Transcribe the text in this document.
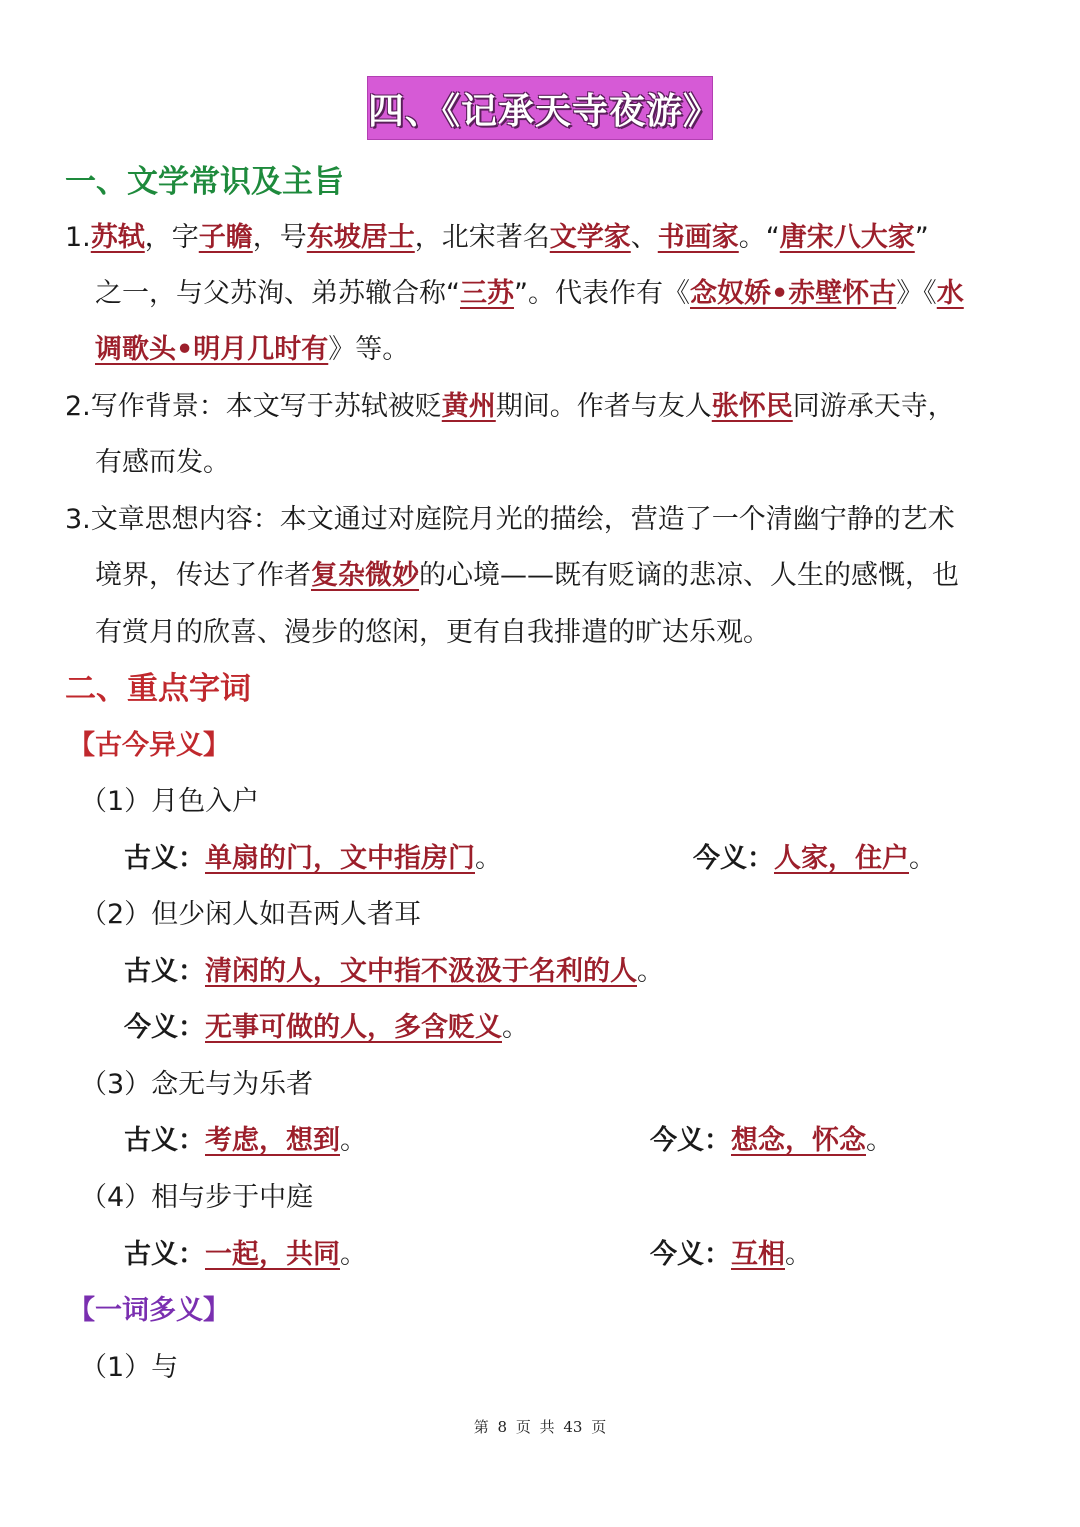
四、《记承天寺夜游》
一、文学常识及主旨
1.苏轼，字子瞻，号东坡居士，北宋著名文学家、书画家。“唐宋八大家”
之一，与父苏洵、弟苏辙合称“三苏”。代表作有《念奴娇•赤壁怀古》《水
调歌头•明月几时有》等。
2.写作背景：本文写于苏轼被贬黄州期间。作者与友人张怀民同游承天寺，
有感而发。
3.文章思想内容：本文通过对庭院月光的描绘，营造了一个清幽宁静的艺术
境界，传达了作者复杂微妙的心境——既有贬谪的悲凉、人生的感慨，也
有赏月的欣喜、漫步的悠闲，更有自我排遣的旷达乐观。
二、重点字词
【古今异义】
（1）月色入户
古义：单扇的门，文中指房门。	今义：人家，住户。
（2）但少闲人如吾两人者耳
古义：清闲的人，文中指不汲汲于名利的人。
今义：无事可做的人，多含贬义。
（3）念无与为乐者
古义：考虑，想到。	今义：想念，怀念。
（4）相与步于中庭
古义：一起，共同。	今义：互相。
【一词多义】
（1）与
第 8 页 共 43 页
